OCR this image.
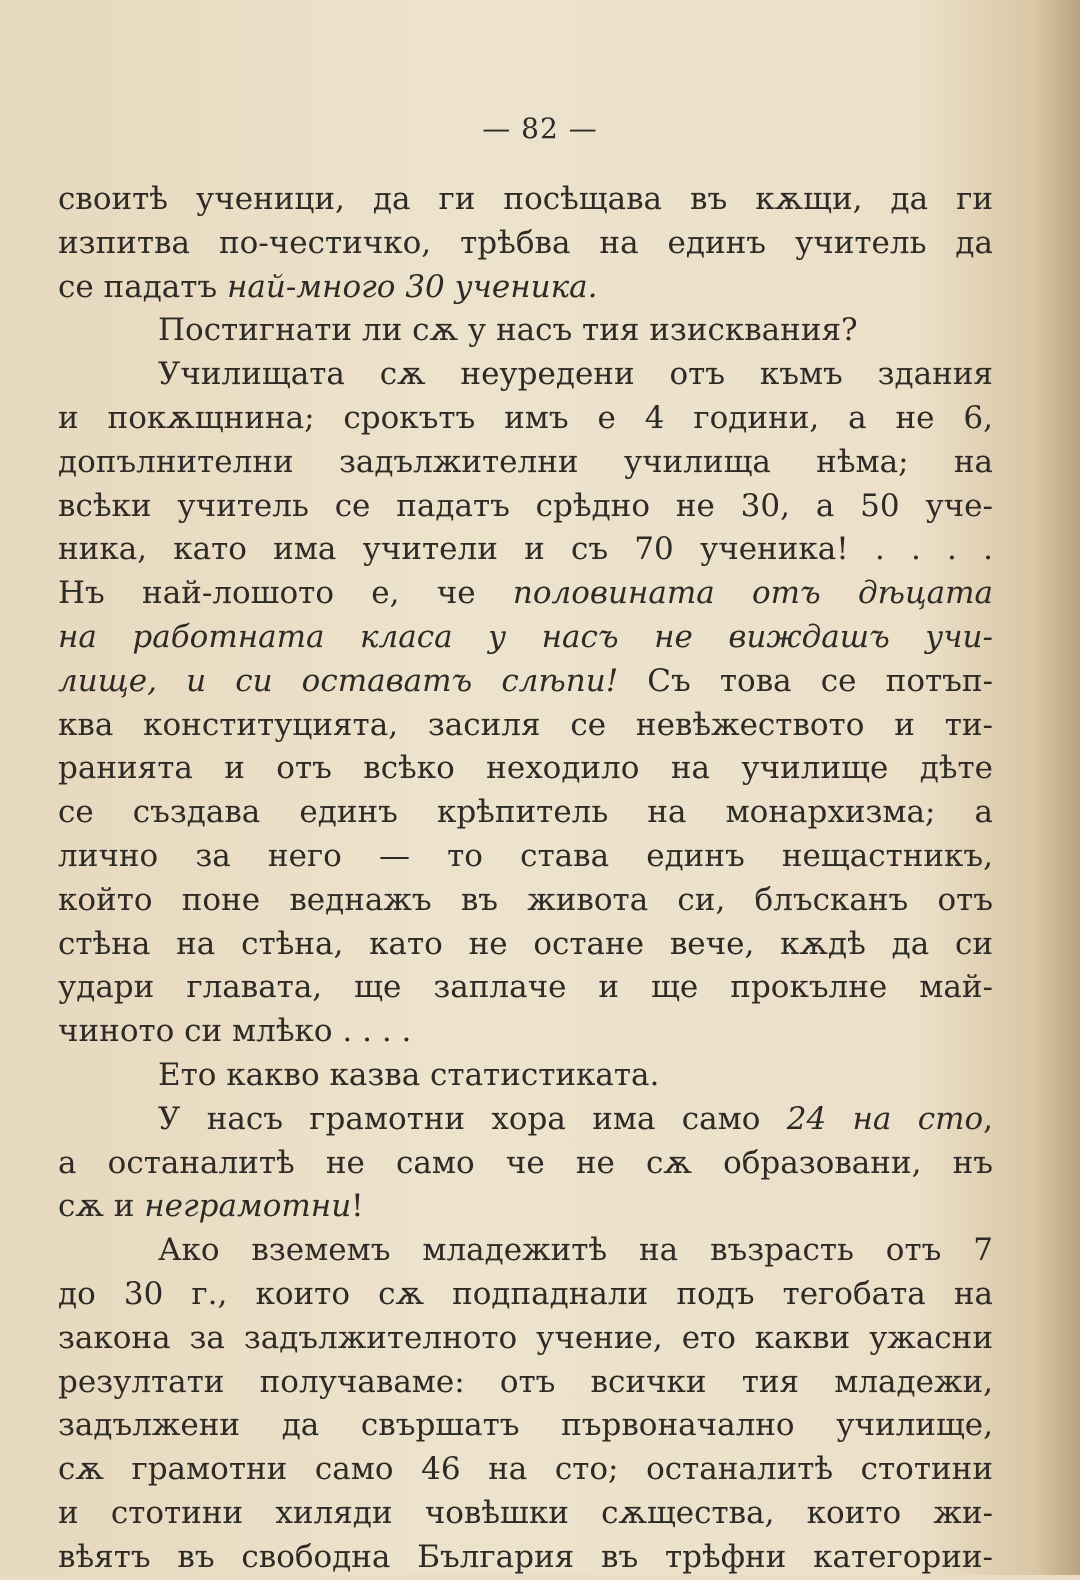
— 82 —
своитѣ ученици, да ги посѣщава въ кѫщи, да ги
изпитва по-честичко, трѣбва на единъ учитель да
се падатъ най-много 30 ученика.
Постигнати ли сѫ у насъ тия изисквания?
Училищата сѫ неуредени отъ къмъ здания
и покѫщнина; срокътъ имъ е 4 години, а не 6,
допълнителни задължителни училища нѣма; на
всѣки учитель се падатъ срѣдно не 30, а 50 уче-
ника, като има учители и съ 70 ученика! . . . .
Нъ най-лошото е, че половината отъ дѣцата
на работната класа у насъ не виждашъ учи-
лище, и си оставатъ слѣпи! Съ това се потъп-
ква конституцията, засиля се невѣжеството и ти-
ранията и отъ всѣко неходило на училище дѣте
се създава единъ крѣпитель на монархизма; а
лично за него — то става единъ нещастникъ,
който поне веднажъ въ живота си, блъсканъ отъ
стѣна на стѣна, като не остане вече, кѫдѣ да си
удари главата, ще заплаче и ще прокълне май-
чиното си млѣко . . . .
Ето какво казва статистиката.
У насъ грамотни хора има само 24 на сто,
а останалитѣ не само че не сѫ образовани, нъ
сѫ и неграмотни!
Ако вземемъ младежитѣ на възрасть отъ 7
до 30 г., които сѫ подпаднали подъ тегобата на
закона за задължителното учение, ето какви ужасни
резултати получаваме: отъ всички тия младежи,
задължени да свършатъ първоначално училище,
сѫ грамотни само 46 на сто; останалитѣ стотини
и стотини хиляди човѣшки сѫщества, които жи-
вѣятъ въ свободна България въ трѣфни категории-
